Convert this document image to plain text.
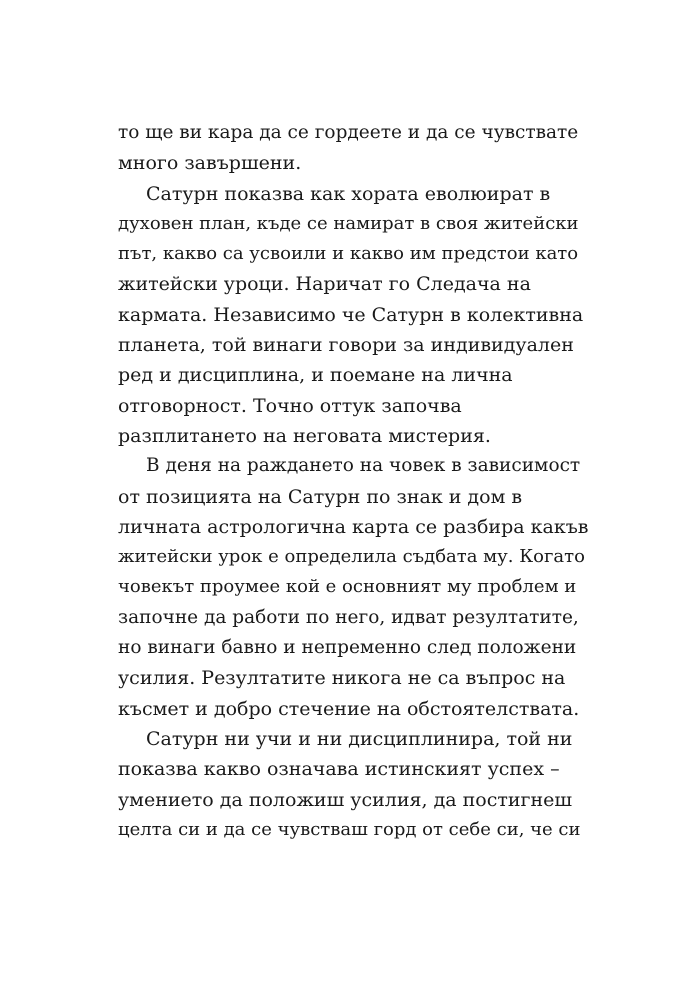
то ще ви кара да се гордеете и да се чувствате
много завършени.
Сатурн показва как хората еволюират в
духовен план, къде се намират в своя житейски
път, какво са усвоили и какво им предстои като
житейски уроци. Наричат го Следача на
кармата. Независимо че Сатурн в колективна
планета, той винаги говори за индивидуален
ред и дисциплина, и поемане на лична
отговорност. Точно оттук започва
разплитането на неговата мистерия.
В деня на раждането на човек в зависимост
от позицията на Сатурн по знак и дом в
личната астрологична карта се разбира какъв
житейски урок е определила съдбата му. Когато
човекът проумее кой е основният му проблем и
започне да работи по него, идват резултатите,
но винаги бавно и непременно след положени
усилия. Резултатите никога не са въпрос на
късмет и добро стечение на обстоятелствата.
Сатурн ни учи и ни дисциплинира, той ни
показва какво означава истинският успех –
умението да положиш усилия, да постигнеш
целта си и да се чувстваш горд от себе си, че си
